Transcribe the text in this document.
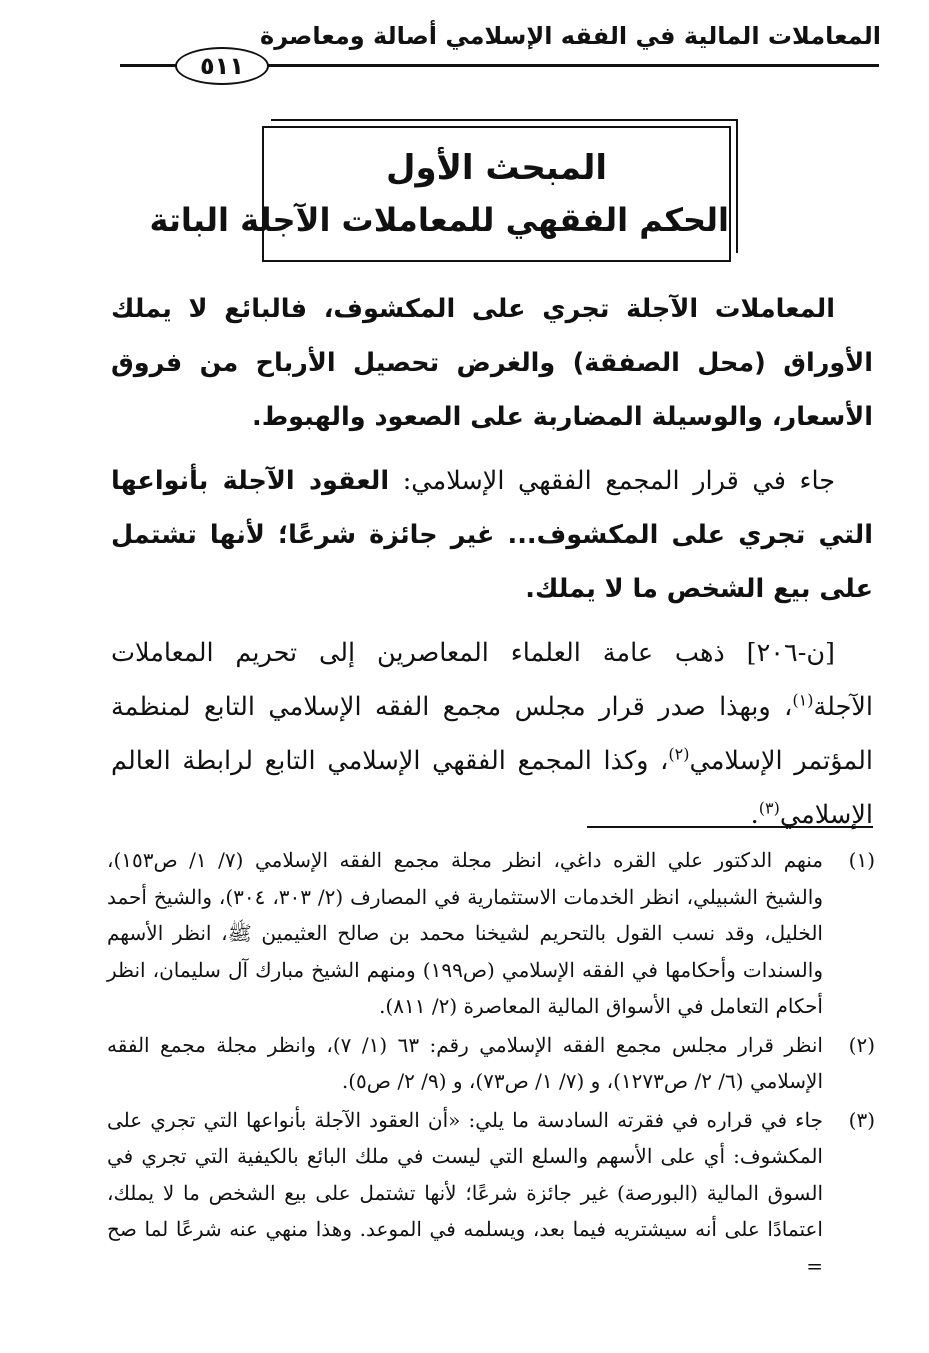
المعاملات المالية في الفقه الإسلامي أصالة ومعاصرة
٥١١
المبحث الأول
الحكم الفقهي للمعاملات الآجلة الباتة

المعاملات الآجلة تجري على المكشوف، فالبائع لا يملك الأوراق (محل الصفقة) والغرض تحصيل الأرباح من فروق الأسعار، والوسيلة المضاربة على الصعود والهبوط.

جاء في قرار المجمع الفقهي الإسلامي: العقود الآجلة بأنواعها التي تجري على المكشوف... غير جائزة شرعًا؛ لأنها تشتمل على بيع الشخص ما لا يملك.

[ن-٢٠٦] ذهب عامة العلماء المعاصرين إلى تحريم المعاملات الآجلة$^{(١)}$، وبهذا صدر قرار مجلس مجمع الفقه الإسلامي التابع لمنظمة المؤتمر الإسلامي$^{(٢)}$، وكذا المجمع الفقهي الإسلامي التابع لرابطة العالم الإسلامي$^{(٣)}$.

(١)
منهم الدكتور علي القره داغي، انظر مجلة مجمع الفقه الإسلامي (٧/ ١/ ص١٥٣)، والشيخ الشبيلي، انظر الخدمات الاستثمارية في المصارف (٢/ ٣٠٣، ٣٠٤)، والشيخ أحمد الخليل، وقد نسب القول بالتحريم لشيخنا محمد بن صالح العثيمين ﷺ، انظر الأسهم والسندات وأحكامها في الفقه الإسلامي (ص١٩٩) ومنهم الشيخ مبارك آل سليمان، انظر أحكام التعامل في الأسواق المالية المعاصرة (٢/ ٨١١).
(٢)
انظر قرار مجلس مجمع الفقه الإسلامي رقم: ٦٣ (١/ ٧)، وانظر مجلة مجمع الفقه الإسلامي (٦/ ٢/ ص١٢٧٣)، و (٧/ ١/ ص٧٣)، و (٩/ ٢/ ص٥).
(٣)
جاء في قراره في فقرته السادسة ما يلي: «أن العقود الآجلة بأنواعها التي تجري على المكشوف: أي على الأسهم والسلع التي ليست في ملك البائع بالكيفية التي تجري في السوق المالية (البورصة) غير جائزة شرعًا؛ لأنها تشتمل على بيع الشخص ما لا يملك، اعتمادًا على أنه سيشتريه فيما بعد، ويسلمه في الموعد. وهذا منهي عنه شرعًا لما صح =
